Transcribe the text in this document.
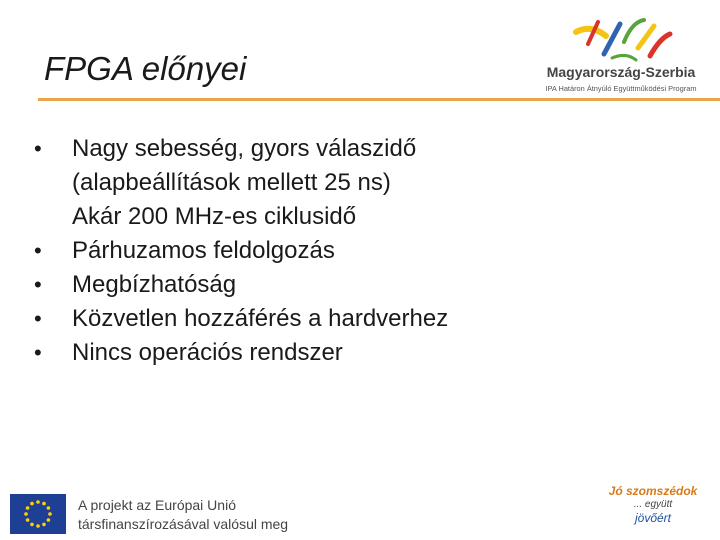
FPGA előnyei	Magyarország-Szerbia
IPA Határon Átnyúló Együttműködési Program
• Nagy sebesség, gyors válaszidő
(alapbeállítások mellett 25 ns)
Akár 200 MHz-es ciklusidő
• Párhuzamos feldolgozás
• Megbízhatóság
• Közvetlen hozzáférés a hardverhez
• Nincs operációs rendszer
A projekt az Európai Unió
társfinanszírozásával valósul meg
Jó szomszédok
... együtt
jövőért
